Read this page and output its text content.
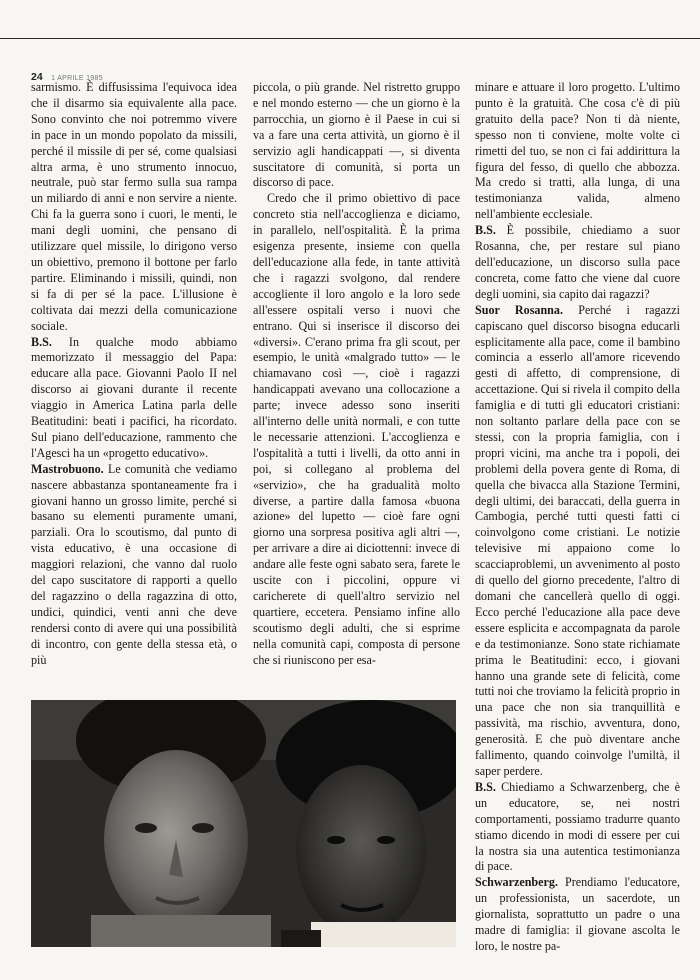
24 1 APRILE 1985

sarmismo. È diffusissima l'equivoca idea che il disarmo sia equivalente alla pace. Sono convinto che noi potremmo vivere in pace in un mondo popolato da missili, perché il missile di per sé, come qualsiasi altra arma, è uno strumento innocuo, neutrale, può star fermo sulla sua rampa un miliardo di anni e non servire a niente. Chi fa la guerra sono i cuori, le menti, le mani degli uomini, che pensano di utilizzare quel missile, lo dirigono verso un obiettivo, premono il bottone per farlo partire. Eliminando i missili, quindi, non si fa di per sé la pace. L'illusione è coltivata dai mezzi della comunicazione sociale.

B.S. In qualche modo abbiamo memorizzato il messaggio del Papa: educare alla pace. Giovanni Paolo II nel discorso ai giovani durante il recente viaggio in America Latina parla delle Beatitudini: beati i pacifici, ha ricordato. Sul piano dell'educazione, rammento che l'Agesci ha un «progetto educativo».

Mastrobuono. Le comunità che vediamo nascere abbastanza spontaneamente fra i giovani hanno un grosso limite, perché si basano su elementi puramente umani, parziali. Ora lo scoutismo, dal punto di vista educativo, è una occasione di maggiori relazioni, che vanno dal ruolo del capo suscitatore di rapporti a quello del ragazzino o della ragazzina di otto, undici, quindici, venti anni che deve rendersi conto di avere qui una possibilità di incontro, con gente della stessa età, o più

piccola, o più grande. Nel ristretto gruppo e nel mondo esterno — che un giorno è la parrocchia, un giorno è il Paese in cui si va a fare una certa attività, un giorno è il servizio agli handicappati —, si diventa suscitatore di comunità, si porta un discorso di pace.

Credo che il primo obiettivo di pace concreto stia nell'accoglienza e diciamo, in parallelo, nell'ospitalità. È la prima esigenza presente, insieme con quella dell'educazione alla fede, in tante attività che i ragazzi svolgono, dal rendere accogliente il loro angolo e la loro sede all'essere ospitali verso i nuovi che entrano. Qui si inserisce il discorso dei «diversi». C'erano prima fra gli scout, per esempio, le unità «malgrado tutto» — le chiamavano così —, cioè i ragazzi handicappati avevano una collocazione a parte; invece adesso sono inseriti all'interno delle unità normali, e con tutte le necessarie attenzioni. L'accoglienza e l'ospitalità a tutti i livelli, da otto anni in poi, si collegano al problema del «servizio», che ha gradualità molto diverse, a partire dalla famosa «buona azione» del lupetto — cioè fare ogni giorno una sorpresa positiva agli altri —, per arrivare a dire ai diciottenni: invece di andare alle feste ogni sabato sera, farete le uscite con i piccolini, oppure vi caricherete di quell'altro servizio nel quartiere, eccetera. Pensiamo infine allo scoutismo degli adulti, che si esprime nella comunità capi, composta di persone che si riuniscono per esa-

minare e attuare il loro progetto. L'ultimo punto è la gratuità. Che cosa c'è di più gratuito della pace? Non ti dà niente, spesso non ti conviene, molte volte ci rimetti del tuo, se non ci fai addirittura la figura del fesso, di quello che abbozza. Ma credo si tratti, alla lunga, di una testimonianza valida, almeno nell'ambiente ecclesiale.

B.S. È possibile, chiediamo a suor Rosanna, che, per restare sul piano dell'educazione, un discorso sulla pace concreta, come fatto che viene dal cuore degli uomini, sia capito dai ragazzi?

Suor Rosanna. Perché i ragazzi capiscano quel discorso bisogna educarli esplicitamente alla pace, come il bambino comincia a esserlo all'amore ricevendo gesti di affetto, di comprensione, di accettazione. Qui si rivela il compito della famiglia e di tutti gli educatori cristiani: non soltanto parlare della pace con se stessi, con la propria famiglia, con i propri vicini, ma anche tra i popoli, dei problemi della povera gente di Roma, di quella che bivacca alla Stazione Termini, degli ultimi, dei baraccati, della guerra in Cambogia, perché tutti questi fatti ci coinvolgono come cristiani. Le notizie televisive mi appaiono come lo scacciaproblemi, un avvenimento al posto di quello del giorno precedente, l'altro di domani che cancellerà quello di oggi. Ecco perché l'educazione alla pace deve essere esplicita e accompagnata da parole e da testimonianze. Sono state richiamate prima le Beatitudini: ecco, i giovani hanno una grande sete di felicità, come tutti noi che troviamo la felicità proprio in una pace che non sia tranquillità e passività, ma rischio, avventura, dono, generosità. E che può diventare anche fallimento, quando coinvolge l'umiltà, il saper perdere.

B.S. Chiediamo a Schwarzenberg, che è un educatore, se, nei nostri comportamenti, possiamo tradurre quanto stiamo dicendo in modi di essere per cui la nostra sia una autentica testimonianza di pace.

Schwarzenberg. Prendiamo l'educatore, un professionista, un sacerdote, un giornalista, soprattutto un padre o una madre di famiglia: il giovane ascolta le loro, le nostre pa-
